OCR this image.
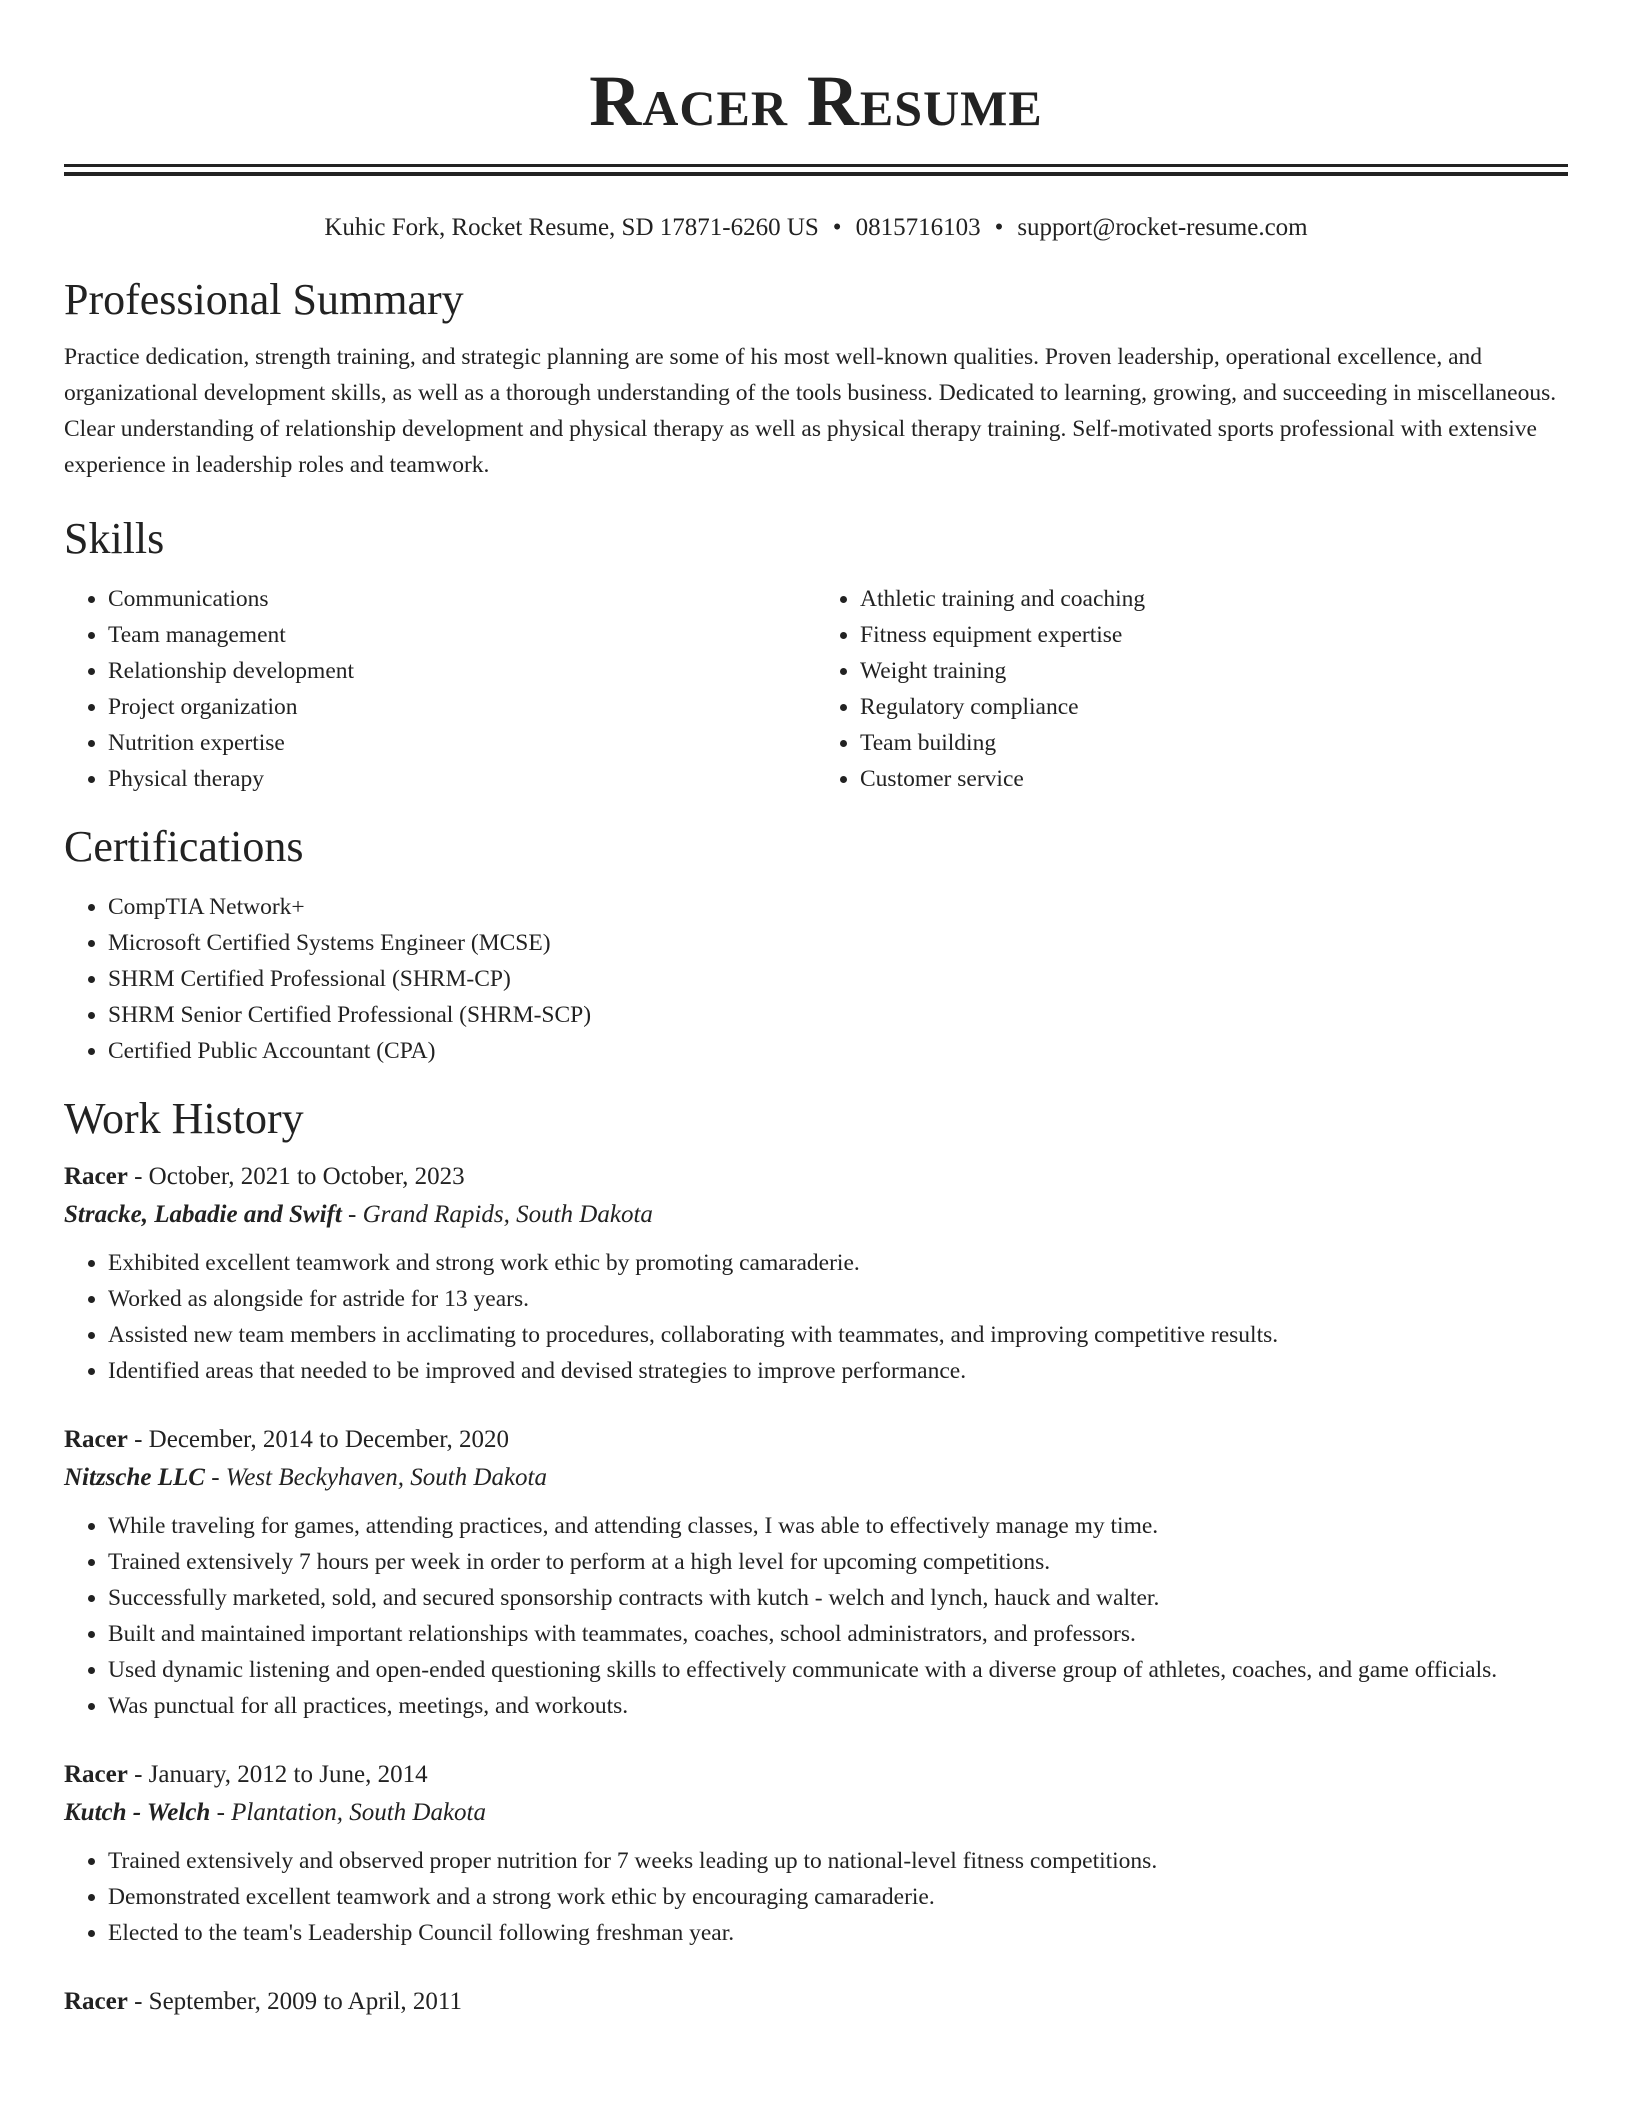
Racer Resume
Kuhic Fork, Rocket Resume, SD 17871-6260 US • 0815716103 • support@rocket-resume.com
Professional Summary

Practice dedication, strength training, and strategic planning are some of his most well-known qualities. Proven leadership, operational excellence, and organizational development skills, as well as a thorough understanding of the tools business. Dedicated to learning, growing, and succeeding in miscellaneous. Clear understanding of relationship development and physical therapy as well as physical therapy training. Self-motivated sports professional with extensive experience in leadership roles and teamwork.

Skills
• Communications
• Team management
• Relationship development
• Project organization
• Nutrition expertise
• Physical therapy
• Athletic training and coaching
• Fitness equipment expertise
• Weight training
• Regulatory compliance
• Team building
• Customer service
Certifications
• CompTIA Network+
• Microsoft Certified Systems Engineer (MCSE)
• SHRM Certified Professional (SHRM-CP)
• SHRM Senior Certified Professional (SHRM-SCP)
• Certified Public Accountant (CPA)
Work History
Racer - October, 2021 to October, 2023
Stracke, Labadie and Swift - Grand Rapids, South Dakota
• Exhibited excellent teamwork and strong work ethic by promoting camaraderie.
• Worked as alongside for astride for 13 years.
• Assisted new team members in acclimating to procedures, collaborating with teammates, and improving competitive results.
• Identified areas that needed to be improved and devised strategies to improve performance.
Racer - December, 2014 to December, 2020
Nitzsche LLC - West Beckyhaven, South Dakota
• While traveling for games, attending practices, and attending classes, I was able to effectively manage my time.
• Trained extensively 7 hours per week in order to perform at a high level for upcoming competitions.
• Successfully marketed, sold, and secured sponsorship contracts with kutch - welch and lynch, hauck and walter.
• Built and maintained important relationships with teammates, coaches, school administrators, and professors.
• Used dynamic listening and open-ended questioning skills to effectively communicate with a diverse group of athletes, coaches, and game officials.
• Was punctual for all practices, meetings, and workouts.
Racer - January, 2012 to June, 2014
Kutch - Welch - Plantation, South Dakota
• Trained extensively and observed proper nutrition for 7 weeks leading up to national-level fitness competitions.
• Demonstrated excellent teamwork and a strong work ethic by encouraging camaraderie.
• Elected to the team's Leadership Council following freshman year.
Racer - September, 2009 to April, 2011
